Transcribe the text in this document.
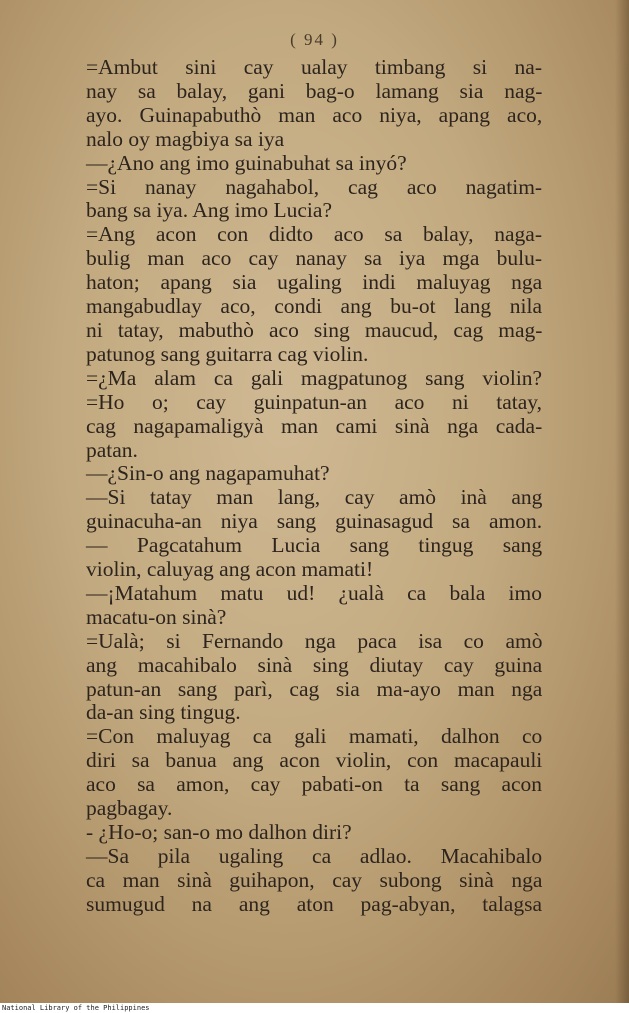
( 94 )
=Ambut sini cay ualay timbang si na-
nay sa balay, gani bag-o lamang sia nag-
ayo. Guinapabuthò man aco niya, apang aco,
nalo oy magbiya sa iya
—¿Ano ang imo guinabuhat sa inyó?
=Si nanay nagahabol, cag aco nagatim-
bang sa iya. Ang imo Lucia?
=Ang acon con didto aco sa balay, naga-
bulig man aco cay nanay sa iya mga bulu-
haton; apang sia ugaling indi maluyag nga
mangabudlay aco, condi ang bu-ot lang nila
ni tatay, mabuthò aco sing maucud, cag mag-
patunog sang guitarra cag violin.
=¿Ma alam ca gali magpatunog sang violin?
=Ho o; cay guinpatun-an aco ni tatay,
cag nagapamaligyà man cami sinà nga cada-
patan.
—¿Sin-o ang nagapamuhat?
—Si tatay man lang, cay amò inà ang
guinacuha-an niya sang guinasagud sa amon.
— Pagcatahum Lucia sang tingug sang
violin, caluyag ang acon mamati!
—¡Matahum matu ud! ¿ualà ca bala imo
macatu-on sinà?
=Ualà; si Fernando nga paca isa co amò
ang macahibalo sinà sing diutay cay guina
patun-an sang parì, cag sia ma-ayo man nga
da-an sing tingug.
=Con maluyag ca gali mamati, dalhon co
diri sa banua ang acon violin, con macapauli
aco sa amon, cay pabati-on ta sang acon
pagbagay.
- ¿Ho-o; san-o mo dalhon diri?
—Sa pila ugaling ca adlao. Macahibalo
ca man sinà guihapon, cay subong sinà nga
sumugud na ang aton pag-abyan, talagsa
National Library of the Philippines
